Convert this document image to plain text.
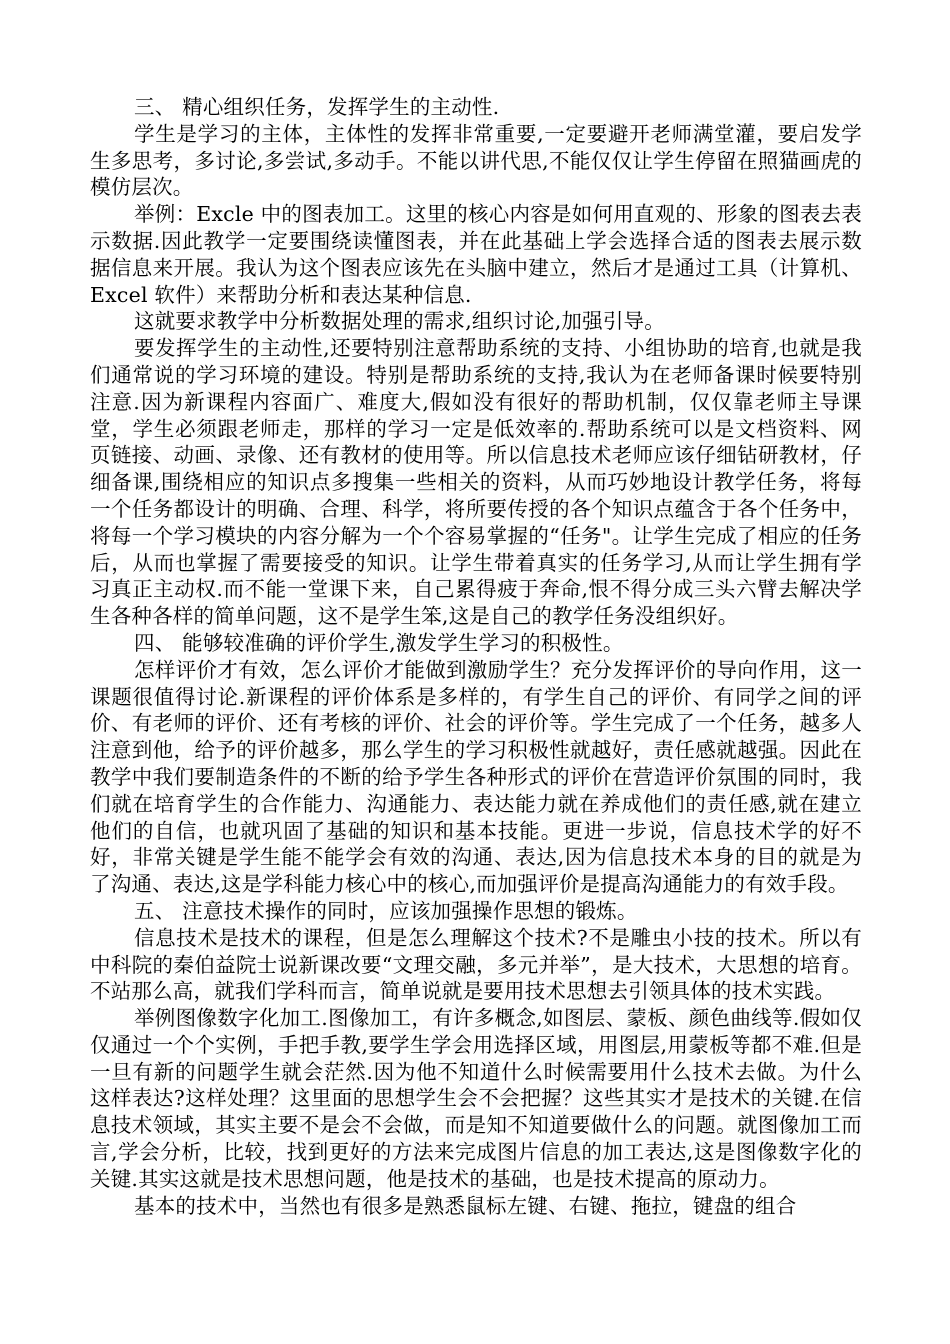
三、 精心组织任务，发挥学生的主动性.

学生是学习的主体，主体性的发挥非常重要,一定要避开老师满堂灌，要启发学生多思考，多讨论,多尝试,多动手。不能以讲代思,不能仅仅让学生停留在照猫画虎的模仿层次。

举例：Excle 中的图表加工。这里的核心内容是如何用直观的、形象的图表去表示数据.因此教学一定要围绕读懂图表，并在此基础上学会选择合适的图表去展示数据信息来开展。我认为这个图表应该先在头脑中建立，然后才是通过工具（计算机、Excel 软件）来帮助分析和表达某种信息.

这就要求教学中分析数据处理的需求,组织讨论,加强引导。

要发挥学生的主动性,还要特别注意帮助系统的支持、小组协助的培育,也就是我们通常说的学习环境的建设。特别是帮助系统的支持,我认为在老师备课时候要特别注意.因为新课程内容面广、难度大,假如没有很好的帮助机制，仅仅靠老师主导课堂，学生必须跟老师走，那样的学习一定是低效率的.帮助系统可以是文档资料、网页链接、动画、录像、还有教材的使用等。所以信息技术老师应该仔细钻研教材，仔细备课,围绕相应的知识点多搜集一些相关的资料，从而巧妙地设计教学任务，将每一个任务都设计的明确、合理、科学，将所要传授的各个知识点蕴含于各个任务中，将每一个学习模块的内容分解为一个个容易掌握的“任务"。让学生完成了相应的任务后，从而也掌握了需要接受的知识。让学生带着真实的任务学习,从而让学生拥有学习真正主动权.而不能一堂课下来，自己累得疲于奔命,恨不得分成三头六臂去解决学生各种各样的简单问题，这不是学生笨,这是自己的教学任务没组织好。

四、 能够较准确的评价学生,激发学生学习的积极性。

怎样评价才有效，怎么评价才能做到激励学生？充分发挥评价的导向作用，这一课题很值得讨论.新课程的评价体系是多样的，有学生自己的评价、有同学之间的评价、有老师的评价、还有考核的评价、社会的评价等。学生完成了一个任务，越多人注意到他，给予的评价越多，那么学生的学习积极性就越好，责任感就越强。因此在教学中我们要制造条件的不断的给予学生各种形式的评价在营造评价氛围的同时，我们就在培育学生的合作能力、沟通能力、表达能力就在养成他们的责任感,就在建立他们的自信，也就巩固了基础的知识和基本技能。更进一步说，信息技术学的好不好，非常关键是学生能不能学会有效的沟通、表达,因为信息技术本身的目的就是为了沟通、表达,这是学科能力核心中的核心,而加强评价是提高沟通能力的有效手段。

五、 注意技术操作的同时，应该加强操作思想的锻炼。

信息技术是技术的课程，但是怎么理解这个技术?不是雕虫小技的技术。所以有中科院的秦伯益院士说新课改要“文理交融，多元并举”，是大技术，大思想的培育。不站那么高，就我们学科而言，简单说就是要用技术思想去引领具体的技术实践。

举例图像数字化加工.图像加工，有许多概念,如图层、蒙板、颜色曲线等.假如仅仅通过一个个实例，手把手教,要学生学会用选择区域，用图层,用蒙板等都不难.但是一旦有新的问题学生就会茫然.因为他不知道什么时候需要用什么技术去做。为什么这样表达?这样处理？这里面的思想学生会不会把握？这些其实才是技术的关键.在信息技术领域，其实主要不是会不会做，而是知不知道要做什么的问题。就图像加工而言,学会分析，比较，找到更好的方法来完成图片信息的加工表达,这是图像数字化的关键.其实这就是技术思想问题，他是技术的基础，也是技术提高的原动力。

基本的技术中，当然也有很多是熟悉鼠标左键、右键、拖拉，键盘的组合
